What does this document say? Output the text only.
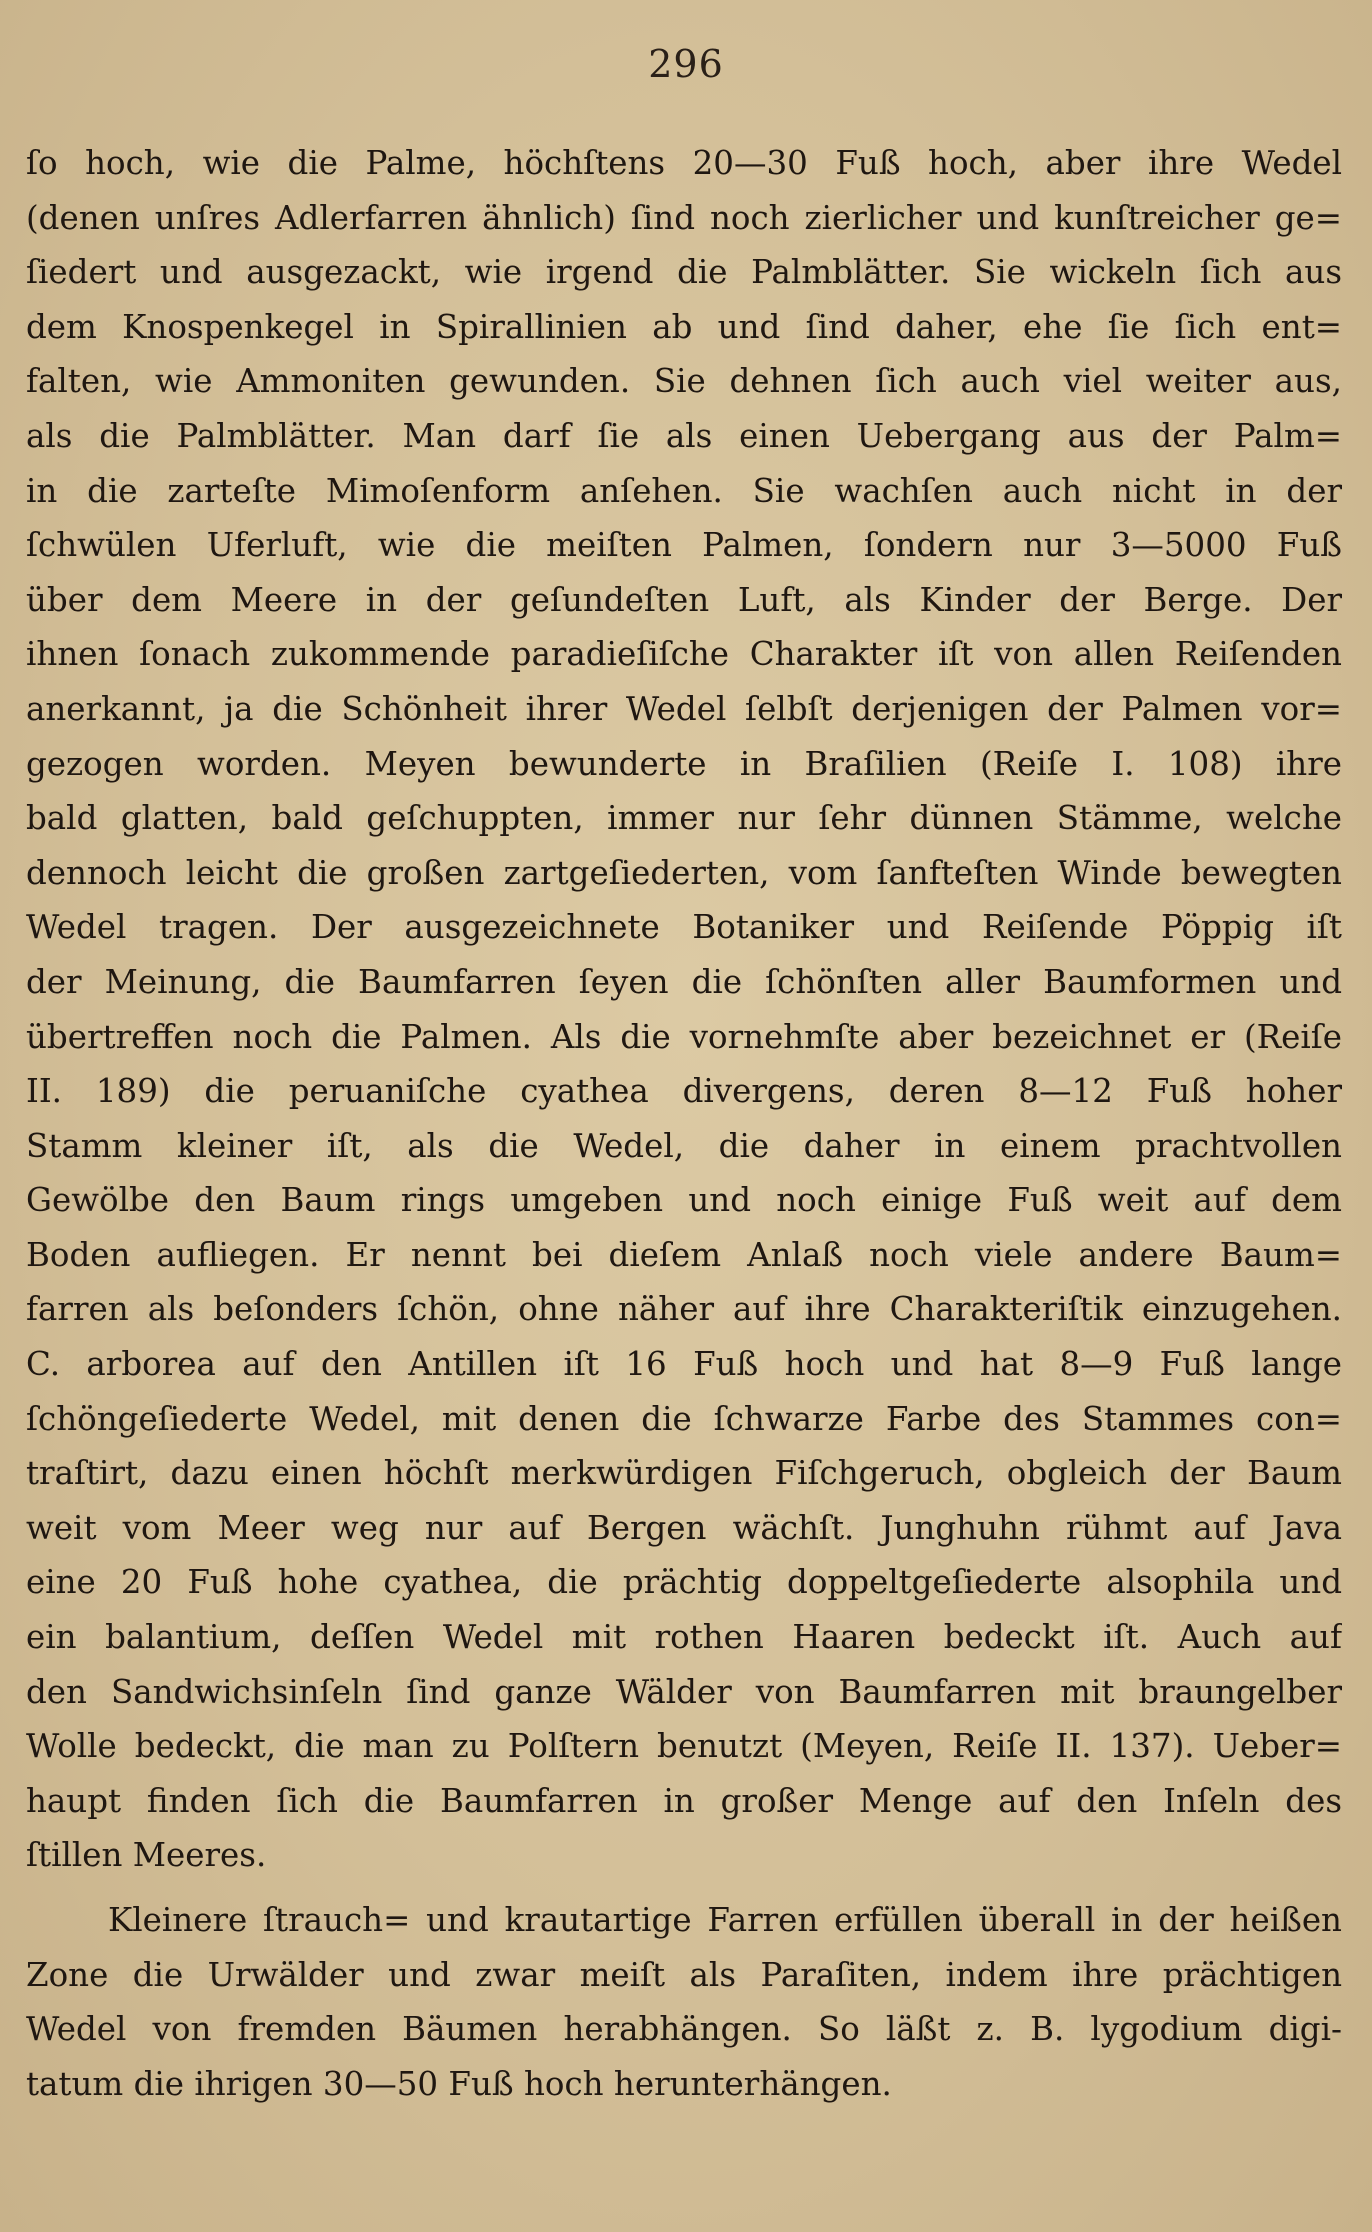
296
ſo hoch, wie die Palme, höchſtens 20—30 Fuß hoch, aber ihre Wedel
(denen unſres Adlerfarren ähnlich) ſind noch zierlicher und kunſtreicher ge=
ſiedert und ausgezackt, wie irgend die Palmblätter. Sie wickeln ſich aus
dem Knospenkegel in Spirallinien ab und ſind daher, ehe ſie ſich ent=
falten, wie Ammoniten gewunden. Sie dehnen ſich auch viel weiter aus,
als die Palmblätter. Man darf ſie als einen Uebergang aus der Palm=
in die zarteſte Mimoſenform anſehen. Sie wachſen auch nicht in der
ſchwülen Uferluft, wie die meiſten Palmen, ſondern nur 3—5000 Fuß
über dem Meere in der geſundeſten Luft, als Kinder der Berge. Der
ihnen ſonach zukommende paradieſiſche Charakter iſt von allen Reiſenden
anerkannt, ja die Schönheit ihrer Wedel ſelbſt derjenigen der Palmen vor=
gezogen worden. Meyen bewunderte in Braſilien (Reiſe I. 108) ihre
bald glatten, bald geſchuppten, immer nur ſehr dünnen Stämme, welche
dennoch leicht die großen zartgeſiederten, vom ſanfteſten Winde bewegten
Wedel tragen. Der ausgezeichnete Botaniker und Reiſende Pöppig iſt
der Meinung, die Baumfarren ſeyen die ſchönſten aller Baumformen und
übertreffen noch die Palmen. Als die vornehmſte aber bezeichnet er (Reiſe
II. 189) die peruaniſche cyathea divergens, deren 8—12 Fuß hoher
Stamm kleiner iſt, als die Wedel, die daher in einem prachtvollen
Gewölbe den Baum rings umgeben und noch einige Fuß weit auf dem
Boden aufliegen. Er nennt bei dieſem Anlaß noch viele andere Baum=
farren als beſonders ſchön, ohne näher auf ihre Charakteriſtik einzugehen.
C. arborea auf den Antillen iſt 16 Fuß hoch und hat 8—9 Fuß lange
ſchöngeſiederte Wedel, mit denen die ſchwarze Farbe des Stammes con=
traſtirt, dazu einen höchſt merkwürdigen Fiſchgeruch, obgleich der Baum
weit vom Meer weg nur auf Bergen wächſt. Junghuhn rühmt auf Java
eine 20 Fuß hohe cyathea, die prächtig doppeltgeſiederte alsophila und
ein balantium, deſſen Wedel mit rothen Haaren bedeckt iſt. Auch auf
den Sandwichsinſeln ſind ganze Wälder von Baumfarren mit braungelber
Wolle bedeckt, die man zu Polſtern benutzt (Meyen, Reiſe II. 137). Ueber=
haupt finden ſich die Baumfarren in großer Menge auf den Inſeln des
ſtillen Meeres.
Kleinere ſtrauch= und krautartige Farren erfüllen überall in der heißen
Zone die Urwälder und zwar meiſt als Paraſiten, indem ihre prächtigen
Wedel von fremden Bäumen herabhängen. So läßt z. B. lygodium digi-
tatum die ihrigen 30—50 Fuß hoch herunterhängen.
